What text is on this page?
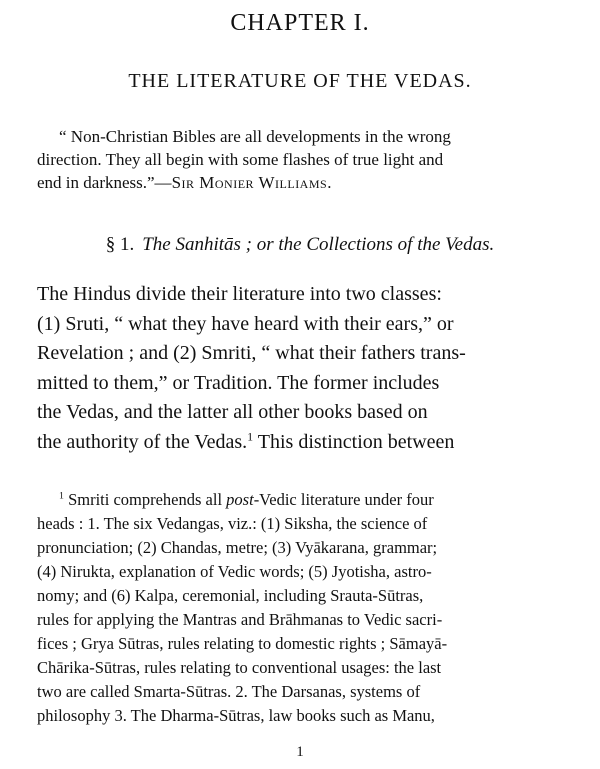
CHAPTER I.
THE LITERATURE OF THE VEDAS.
“ Non-Christian Bibles are all developments in the wrong
direction. They all begin with some flashes of true light and
end in darkness.”—Sir Monier Williams.
§ 1. The Sanhitās ; or the Collections of the Vedas.
The Hindus divide their literature into two classes:
(1) Sruti, “ what they have heard with their ears,” or
Revelation ; and (2) Smriti, “ what their fathers trans-
mitted to them,” or Tradition. The former includes
the Vedas, and the latter all other books based on
the authority of the Vedas.$^1$ This distinction between
$^1$ Smriti comprehends all post-Vedic literature under four
heads : 1. The six Vedangas, viz.: (1) Siksha, the science of
pronunciation; (2) Chandas, metre; (3) Vyākarana, grammar;
(4) Nirukta, explanation of Vedic words; (5) Jyotisha, astro-
nomy; and (6) Kalpa, ceremonial, including Srauta-Sūtras,
rules for applying the Mantras and Brāhmanas to Vedic sacri-
fices ; Grya Sūtras, rules relating to domestic rights ; Sāmayā-
Chārika-Sūtras, rules relating to conventional usages: the last
two are called Smarta-Sūtras. 2. The Darsanas, systems of
philosophy 3. The Dharma-Sūtras, law books such as Manu,
1
